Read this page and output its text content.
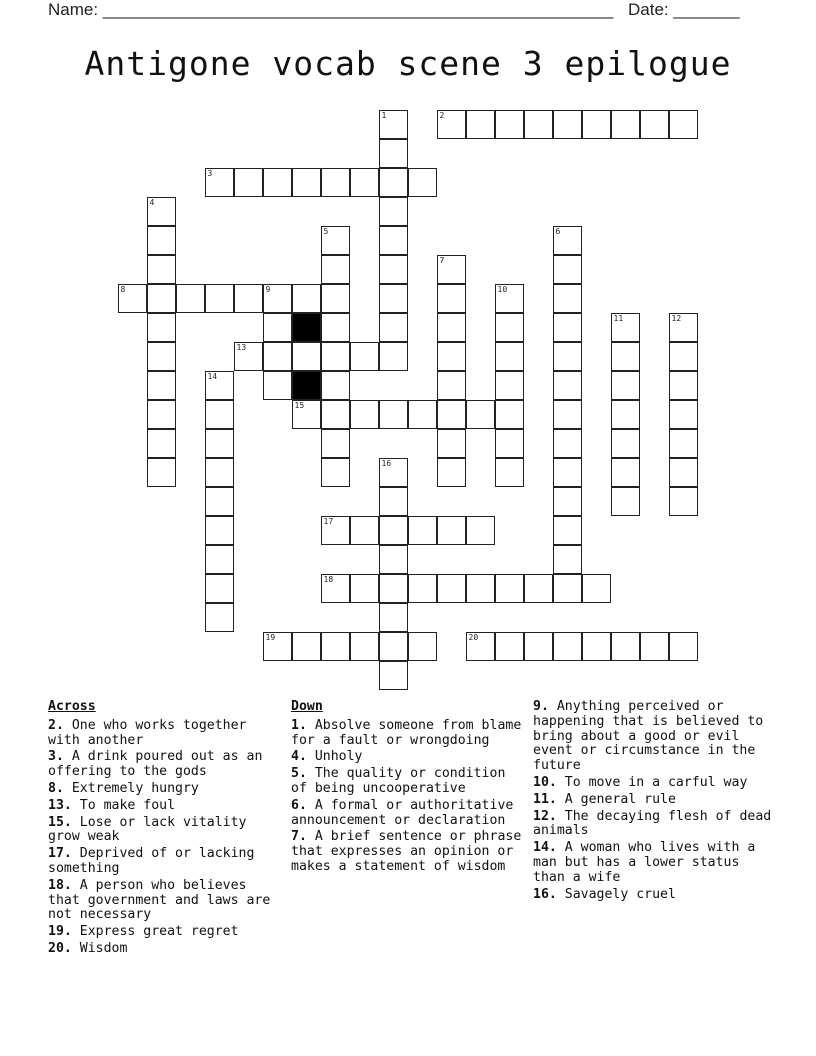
Name: ______________________________________________________ Date: _______
Antigone vocab scene 3 epilogue
2
3
8	9
13
15
17
18
19	20
1
4
5	6
7
10
11	12
14
16
Across
2. One who works together with another
3. A drink poured out as an offering to the gods
8. Extremely hungry
13. To make foul
15. Lose or lack vitality grow weak
17. Deprived of or lacking something
18. A person who believes that government and laws are not necessary
19. Express great regret
20. Wisdom
Down
1. Absolve someone from blame for a fault or wrongdoing
4. Unholy
5. The quality or condition of being uncooperative
6. A formal or authoritative announcement or declaration
7. A brief sentence or phrase that expresses an opinion or makes a statement of wisdom
9. Anything perceived or happening that is believed to bring about a good or evil event or circumstance in the future
10. To move in a carful way
11. A general rule
12. The decaying flesh of dead animals
14. A woman who lives with a man but has a lower status than a wife
16. Savagely cruel
